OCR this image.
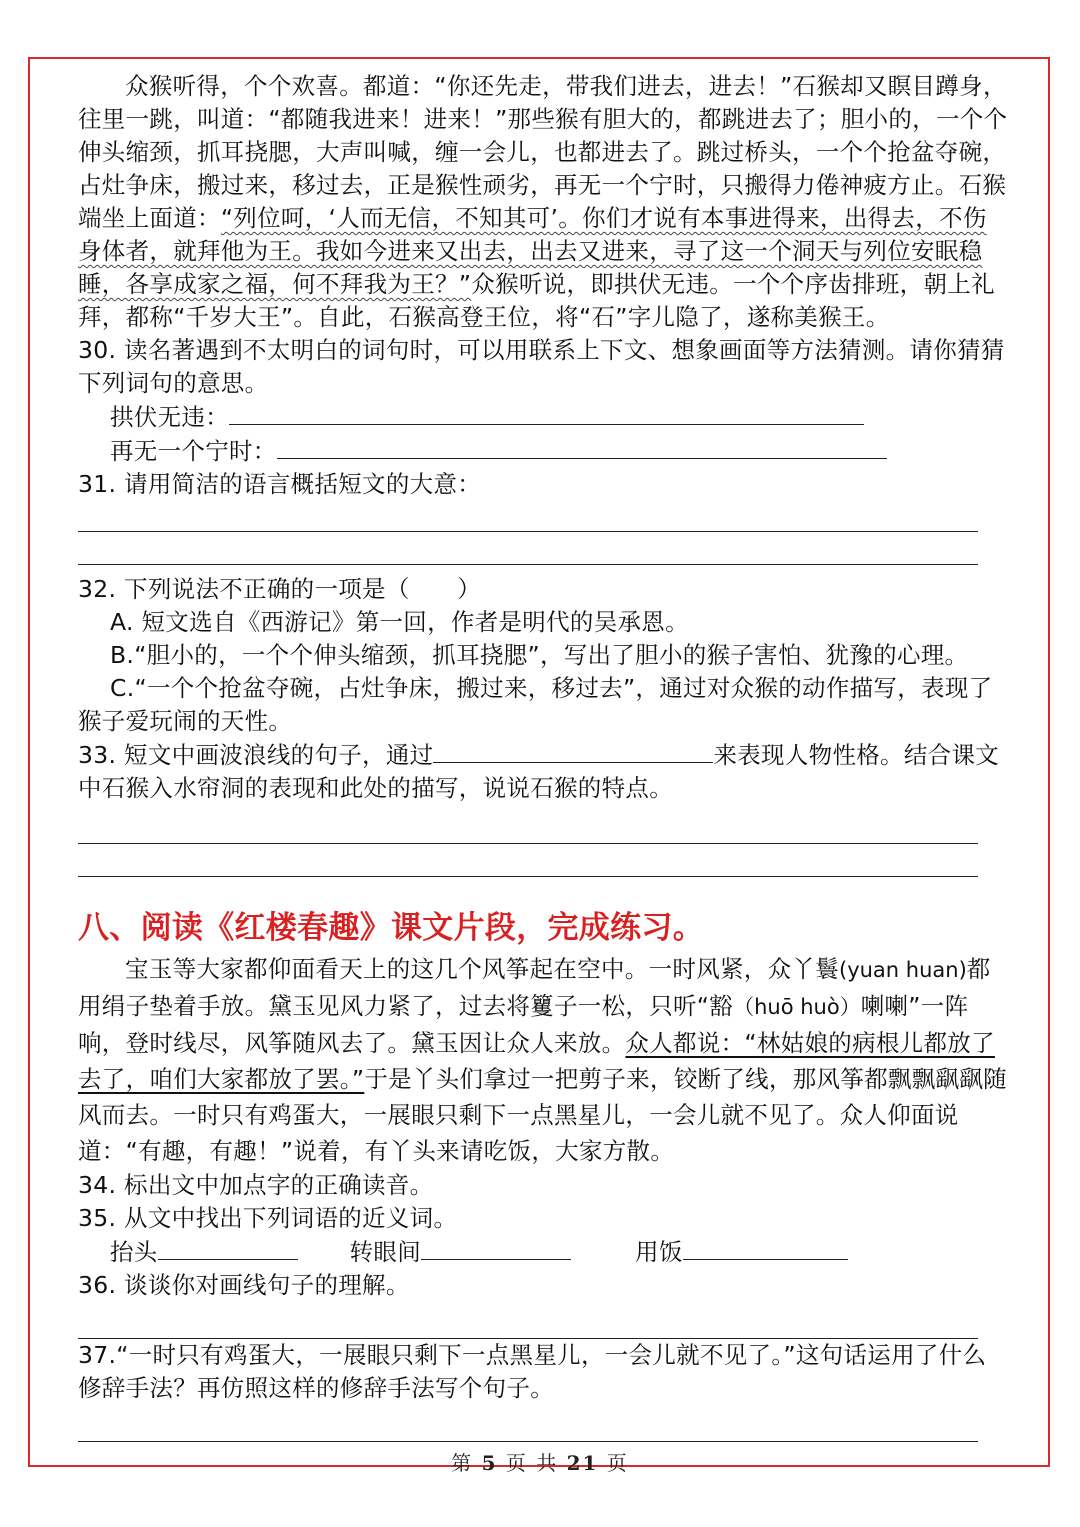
众猴听得，个个欢喜。都道：“你还先走，带我们进去，进去！”石猴却又瞑目蹲身，往里一跳，叫道：“都随我进来！进来！”那些猴有胆大的，都跳进去了；胆小的，一个个伸头缩颈，抓耳挠腮，大声叫喊，缠一会儿，也都进去了。跳过桥头，一个个抢盆夺碗，占灶争床，搬过来，移过去，正是猴性顽劣，再无一个宁时，只搬得力倦神疲方止。石猴端坐上面道：“列位呵，‘人而无信，不知其可’。你们才说有本事进得来，出得去，不伤身体者，就拜他为王。我如今进来又出去，出去又进来，寻了这一个洞天与列位安眠稳睡，各享成家之福，何不拜我为王？”众猴听说，即拱伏无违。一个个序齿排班，朝上礼拜，都称“千岁大王”。自此，石猴高登王位，将“石”字儿隐了，遂称美猴王。

30. 读名著遇到不太明白的词句时，可以用联系上下文、想象画面等方法猜测。请你猜猜下列词句的意思。

拱伏无违：

再无一个宁时：

31. 请用简洁的语言概括短文的大意：

32. 下列说法不正确的一项是（　　）

A. 短文选自《西游记》第一回，作者是明代的吴承恩。

B.“胆小的，一个个伸头缩颈，抓耳挠腮”，写出了胆小的猴子害怕、犹豫的心理。

C.“一个个抢盆夺碗，占灶争床，搬过来，移过去”，通过对众猴的动作描写，表现了猴子爱玩闹的天性。

33. 短文中画波浪线的句子，通过	来表现人物性格。结合课文中石猴入水帘洞的表现和此处的描写，说说石猴的特点。

八、阅读《红楼春趣》课文片段，完成练习。

宝玉等大家都仰面看天上的这几个风筝起在空中。一时风紧，众丫鬟(yuan huan)都用绢子垫着手放。黛玉见风力紧了，过去将籰子一松，只听“豁（huō huò）喇喇”一阵响，登时线尽，风筝随风去了。黛玉因让众人来放。众人都说：“林姑娘的病根儿都放了去了，咱们大家都放了罢。”于是丫头们拿过一把剪子来，铰断了线，那风筝都飘飘飖飖随风而去。一时只有鸡蛋大，一展眼只剩下一点黑星儿，一会儿就不见了。众人仰面说道：“有趣，有趣！”说着，有丫头来请吃饭，大家方散。

34. 标出文中加点字的正确读音。

35. 从文中找出下列词语的近义词。

抬头	转眼间	用饭

36. 谈谈你对画线句子的理解。

37.“一时只有鸡蛋大，一展眼只剩下一点黑星儿，一会儿就不见了。”这句话运用了什么修辞手法？再仿照这样的修辞手法写个句子。

第 5 页 共 21 页
